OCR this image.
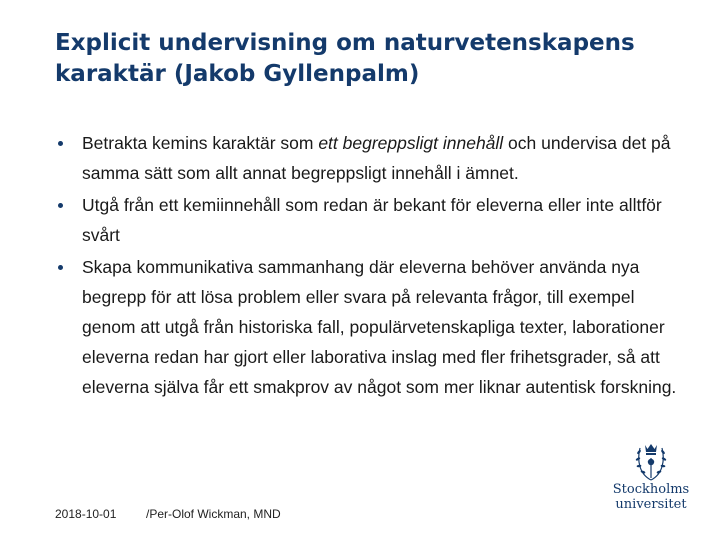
Explicit undervisning om naturvetenskapens karaktär (Jakob Gyllenpalm)
Betrakta kemins karaktär som ett begreppsligt innehåll och undervisa det på samma sätt som allt annat begreppsligt innehåll i ämnet.
Utgå från ett kemiinnehåll som redan är bekant för eleverna eller inte alltför svårt
Skapa kommunikativa sammanhang där eleverna behöver använda nya begrepp för att lösa problem eller svara på relevanta frågor, till exempel genom att utgå från historiska fall, populärvetenskapliga texter, laborationer eleverna redan har gjort eller laborativa inslag med fler frihetsgrader, så att eleverna själva får ett smakprov av något som mer liknar autentisk forskning.
2018-10-01 /Per-Olof Wickman, MND
Stockholms
universitet
